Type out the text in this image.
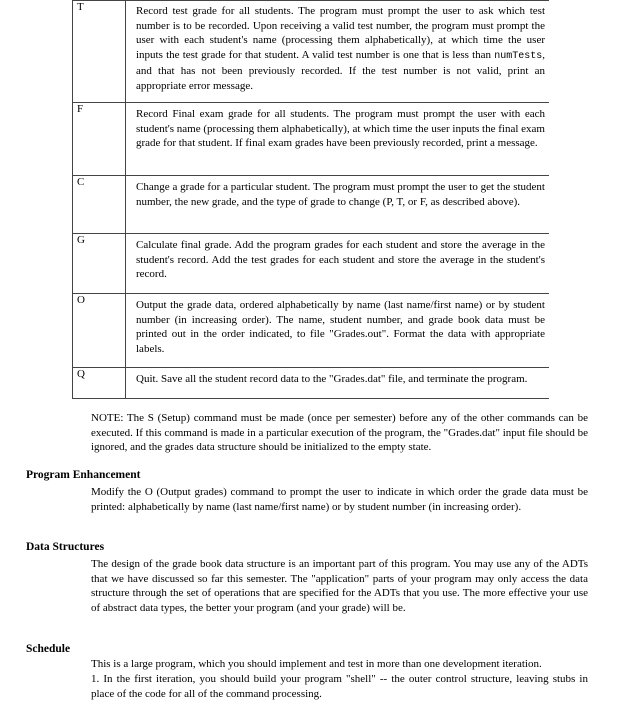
T	Record test grade for all students. The program must prompt the user to ask which test number is to be recorded. Upon receiving a valid test number, the program must prompt the user with each student's name (processing them alphabetically), at which time the user inputs the test grade for that student. A valid test number is one that is less than numTests, and that has not been previously recorded. If the test number is not valid, print an appropriate error message.
F	Record Final exam grade for all students. The program must prompt the user with each student's name (processing them alphabetically), at which time the user inputs the final exam grade for that student. If final exam grades have been previously recorded, print a message.
C	Change a grade for a particular student. The program must prompt the user to get the student number, the new grade, and the type of grade to change (P, T, or F, as described above).
G	Calculate final grade. Add the program grades for each student and store the average in the student's record. Add the test grades for each student and store the average in the student's record.
O	Output the grade data, ordered alphabetically by name (last name/first name) or by student number (in increasing order). The name, student number, and grade book data must be printed out in the order indicated, to file "Grades.out". Format the data with appropriate labels.
Q	Quit. Save all the student record data to the "Grades.dat" file, and terminate the program.
NOTE: The S (Setup) command must be made (once per semester) before any of the other commands can be executed. If this command is made in a particular execution of the program, the "Grades.dat" input file should be ignored, and the grades data structure should be initialized to the empty state.
Program Enhancement
Modify the O (Output grades) command to prompt the user to indicate in which order the grade data must be printed: alphabetically by name (last name/first name) or by student number (in increasing order).
Data Structures
The design of the grade book data structure is an important part of this program. You may use any of the ADTs that we have discussed so far this semester. The "application" parts of your program may only access the data structure through the set of operations that are specified for the ADTs that you use. The more effective your use of abstract data types, the better your program (and your grade) will be.
Schedule
This is a large program, which you should implement and test in more than one development iteration.
1. In the first iteration, you should build your program "shell" -- the outer control structure, leaving stubs in place of the code for all of the command processing.
